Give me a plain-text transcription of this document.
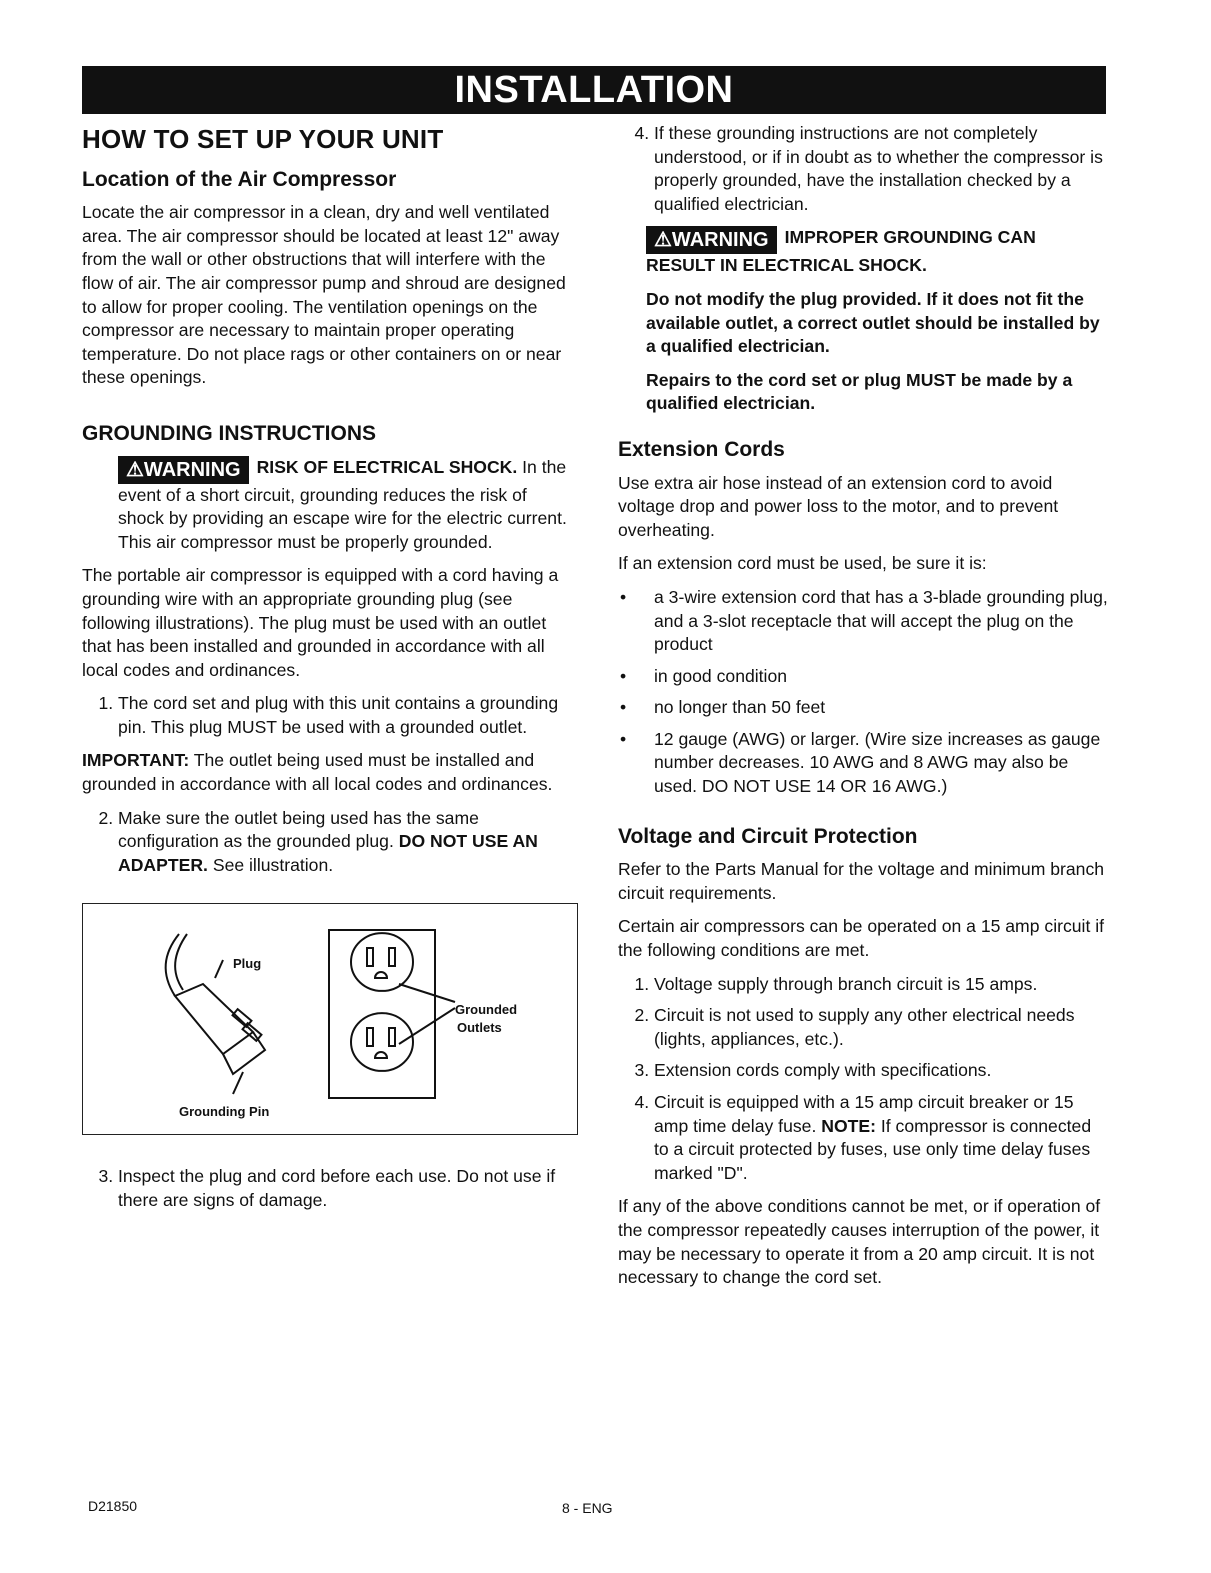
INSTALLATION
HOW TO SET UP YOUR UNIT
Location of the Air Compressor

Locate the air compressor in a clean, dry and well ventilated area. The air compressor should be located at least 12" away from the wall or other obstructions that will interfere with the flow of air. The air compressor pump and shroud are designed to allow for proper cooling. The ventilation openings on the compressor are necessary to maintain proper operating temperature. Do not place rags or other containers on or near these openings.

GROUNDING INSTRUCTIONS

⚠WARNING RISK OF ELECTRICAL SHOCK. In the event of a short circuit, grounding reduces the risk of shock by providing an escape wire for the electric current. This air compressor must be properly grounded.

The portable air compressor is equipped with a cord having a grounding wire with an appropriate grounding plug (see following illustrations). The plug must be used with an outlet that has been installed and grounded in accordance with all local codes and ordinances.

1. The cord set and plug with this unit contains a grounding pin. This plug MUST be used with a grounded outlet.

IMPORTANT: The outlet being used must be installed and grounded in accordance with all local codes and ordinances.

2. Make sure the outlet being used has the same configuration as the grounded plug. DO NOT USE AN ADAPTER. See illustration.
Plug
Grounded
Outlets
Grounding Pin
3. Inspect the plug and cord before each use. Do not use if there are signs of damage.
4. If these grounding instructions are not completely understood, or if in doubt as to whether the compressor is properly grounded, have the installation checked by a qualified electrician.

⚠WARNING IMPROPER GROUNDING CAN RESULT IN ELECTRICAL SHOCK.

Do not modify the plug provided. If it does not fit the available outlet, a correct outlet should be installed by a qualified electrician.

Repairs to the cord set or plug MUST be made by a qualified electrician.

Extension Cords

Use extra air hose instead of an extension cord to avoid voltage drop and power loss to the motor, and to prevent overheating.

If an extension cord must be used, be sure it is:

• a 3-wire extension cord that has a 3-blade grounding plug, and a 3-slot receptacle that will accept the plug on the product
• in good condition
• no longer than 50 feet
• 12 gauge (AWG) or larger. (Wire size increases as gauge number decreases. 10 AWG and 8 AWG may also be used. DO NOT USE 14 OR 16 AWG.)
Voltage and Circuit Protection

Refer to the Parts Manual for the voltage and minimum branch circuit requirements.

Certain air compressors can be operated on a 15 amp circuit if the following conditions are met.

1. Voltage supply through branch circuit is 15 amps.
2. Circuit is not used to supply any other electrical needs (lights, appliances, etc.).
3. Extension cords comply with specifications.
4. Circuit is equipped with a 15 amp circuit breaker or 15 amp time delay fuse. NOTE: If compressor is connected to a circuit protected by fuses, use only time delay fuses marked "D".

If any of the above conditions cannot be met, or if operation of the compressor repeatedly causes interruption of the power, it may be necessary to operate it from a 20 amp circuit. It is not necessary to change the cord set.

D21850	8 - ENG
